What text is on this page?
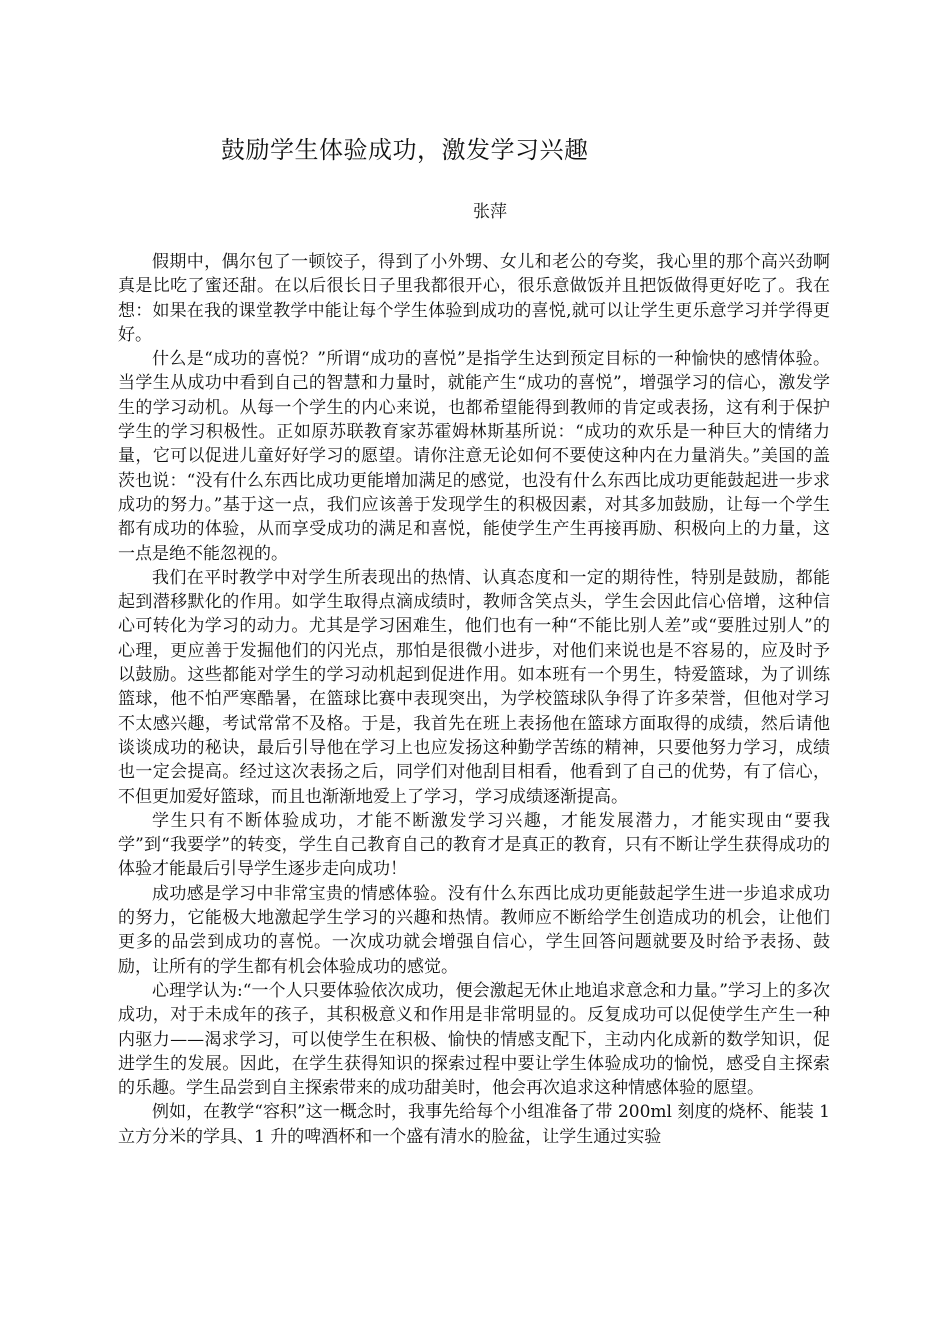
鼓励学生体验成功，激发学习兴趣
张萍

假期中，偶尔包了一顿饺子，得到了小外甥、女儿和老公的夸奖，我心里的那个高兴劲啊真是比吃了蜜还甜。在以后很长日子里我都很开心，很乐意做饭并且把饭做得更好吃了。我在想：如果在我的课堂教学中能让每个学生体验到成功的喜悦,就可以让学生更乐意学习并学得更好。

什么是“成功的喜悦？”所谓“成功的喜悦”是指学生达到预定目标的一种愉快的感情体验。当学生从成功中看到自己的智慧和力量时，就能产生“成功的喜悦”，增强学习的信心，激发学生的学习动机。从每一个学生的内心来说，也都希望能得到教师的肯定或表扬，这有利于保护学生的学习积极性。正如原苏联教育家苏霍姆林斯基所说：“成功的欢乐是一种巨大的情绪力量，它可以促进儿童好好学习的愿望。请你注意无论如何不要使这种内在力量消失。”美国的盖茨也说：“没有什么东西比成功更能增加满足的感觉，也没有什么东西比成功更能鼓起进一步求成功的努力。”基于这一点，我们应该善于发现学生的积极因素，对其多加鼓励，让每一个学生都有成功的体验，从而享受成功的满足和喜悦，能使学生产生再接再励、积极向上的力量，这一点是绝不能忽视的。

我们在平时教学中对学生所表现出的热情、认真态度和一定的期待性，特别是鼓励，都能起到潜移默化的作用。如学生取得点滴成绩时，教师含笑点头，学生会因此信心倍增，这种信心可转化为学习的动力。尤其是学习困难生，他们也有一种“不能比别人差”或“要胜过别人”的心理，更应善于发掘他们的闪光点，那怕是很微小进步，对他们来说也是不容易的，应及时予以鼓励。这些都能对学生的学习动机起到促进作用。如本班有一个男生，特爱篮球，为了训练篮球，他不怕严寒酷暑，在篮球比赛中表现突出，为学校篮球队争得了许多荣誉，但他对学习不太感兴趣，考试常常不及格。于是，我首先在班上表扬他在篮球方面取得的成绩，然后请他谈谈成功的秘诀，最后引导他在学习上也应发扬这种勤学苦练的精神，只要他努力学习，成绩也一定会提高。经过这次表扬之后，同学们对他刮目相看，他看到了自己的优势，有了信心，不但更加爱好篮球，而且也渐渐地爱上了学习，学习成绩逐渐提高。

学生只有不断体验成功，才能不断激发学习兴趣，才能发展潜力，才能实现由“要我学”到“我要学”的转变，学生自己教育自己的教育才是真正的教育，只有不断让学生获得成功的体验才能最后引导学生逐步走向成功！

成功感是学习中非常宝贵的情感体验。没有什么东西比成功更能鼓起学生进一步追求成功的努力，它能极大地激起学生学习的兴趣和热情。教师应不断给学生创造成功的机会，让他们更多的品尝到成功的喜悦。一次成功就会增强自信心，学生回答问题就要及时给予表扬、鼓励，让所有的学生都有机会体验成功的感觉。

心理学认为:“一个人只要体验依次成功，便会激起无休止地追求意念和力量。”学习上的多次成功，对于未成年的孩子，其积极意义和作用是非常明显的。反复成功可以促使学生产生一种内驱力——渴求学习，可以使学生在积极、愉快的情感支配下，主动内化成新的数学知识，促进学生的发展。因此，在学生获得知识的探索过程中要让学生体验成功的愉悦，感受自主探索的乐趣。学生品尝到自主探索带来的成功甜美时，他会再次追求这种情感体验的愿望。

例如，在教学“容积”这一概念时，我事先给每个小组准备了带 200ml 刻度的烧杯、能装 1 立方分米的学具、1 升的啤酒杯和一个盛有清水的脸盆，让学生通过实验
